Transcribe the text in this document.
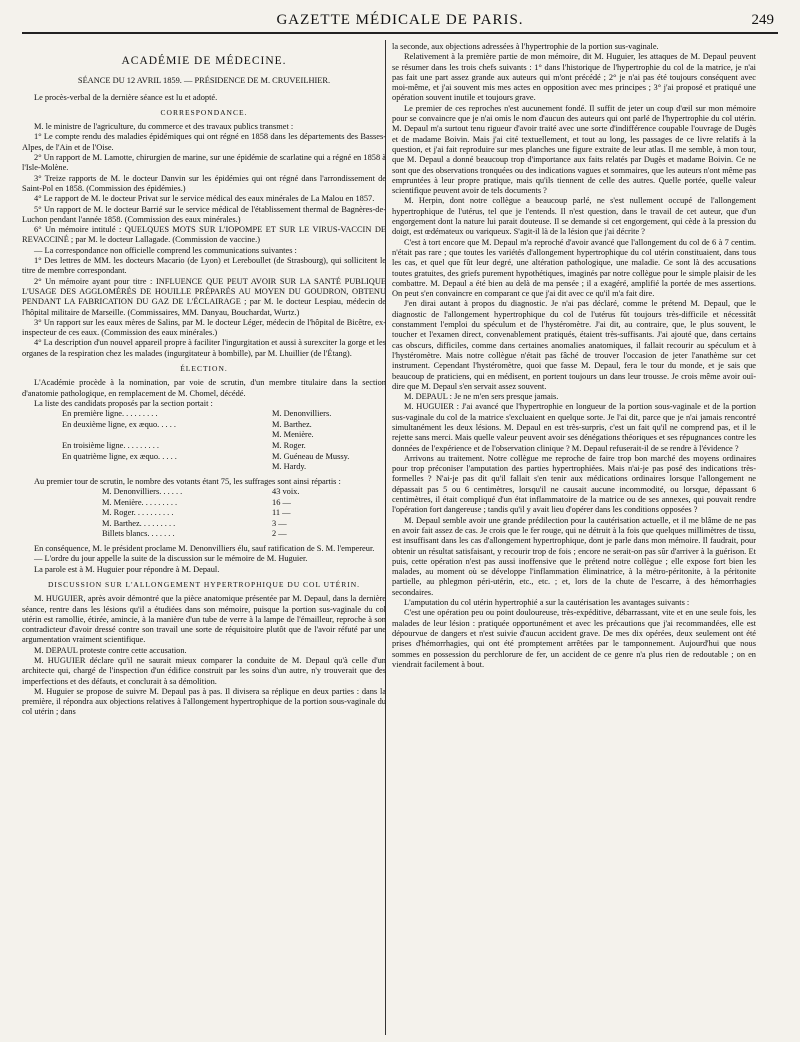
GAZETTE MÉDICALE DE PARIS.	249
ACADÉMIE DE MÉDECINE.
SÉANCE DU 12 AVRIL 1859. — PRÉSIDENCE DE M. CRUVEILHIER.

Le procès-verbal de la dernière séance est lu et adopté.

CORRESPONDANCE.

M. le ministre de l'agriculture, du commerce et des travaux publics transmet :

1° Le compte rendu des maladies épidémiques qui ont régné en 1858 dans les départements des Basses-Alpes, de l'Ain et de l'Oise.

2° Un rapport de M. Lamotte, chirurgien de marine, sur une épidémie de scarlatine qui a régné en 1858 à l'Isle-Molène.

3° Treize rapports de M. le docteur Danvin sur les épidémies qui ont régné dans l'arrondissement de Saint-Pol en 1858. (Commission des épidémies.)

4° Le rapport de M. le docteur Privat sur le service médical des eaux minérales de La Malou en 1857.

5° Un rapport de M. le docteur Barrié sur le service médical de l'établissement thermal de Bagnères-de-Luchon pendant l'année 1858. (Commission des eaux minérales.)

6° Un mémoire intitulé : QUELQUES MOTS SUR L'IOPOMPE ET SUR LE VIRUS-VACCIN DE REVACCINÉ ; par M. le docteur Lallagade. (Commission de vaccine.)

— La correspondance non officielle comprend les communications suivantes :

1° Des lettres de MM. les docteurs Macario (de Lyon) et Lereboullet (de Strasbourg), qui sollicitent le titre de membre correspondant.

2° Un mémoire ayant pour titre : INFLUENCE QUE PEUT AVOIR SUR LA SANTÉ PUBLIQUE L'USAGE DES AGGLOMÉRÉS DE HOUILLE PRÉPARÉS AU MOYEN DU GOUDRON, OBTENU PENDANT LA FABRICATION DU GAZ DE L'ÉCLAIRAGE ; par M. le docteur Lespiau, médecin de l'hôpital militaire de Marseille. (Commissaires, MM. Danyau, Bouchardat, Wurtz.)

3° Un rapport sur les eaux mères de Salins, par M. le docteur Léger, médecin de l'hôpital de Bicêtre, ex-inspecteur de ces eaux. (Commission des eaux minérales.)

4° La description d'un nouvel appareil propre à faciliter l'ingurgitation et aussi à surexciter la gorge et les organes de la respiration chez les malades (ingurgitateur à bombille), par M. Lhuillier (de l'Étang).

ÉLECTION.

L'Académie procède à la nomination, par voie de scrutin, d'un membre titulaire dans la section d'anatomie pathologique, en remplacement de M. Chomel, décédé.

La liste des candidats proposés par la section portait :

En première ligne. . . . . . . . .	M. Denonvilliers.
En deuxième ligne, ex æquo. . . . .	M. Barthez.
M. Menière.
En troisième ligne. . . . . . . . .	M. Roger.
En quatrième ligne, ex æquo. . . . .	M. Guéneau de Mussy.
M. Hardy.

Au premier tour de scrutin, le nombre des votants étant 75, les suffrages sont ainsi répartis :

M. Denonvilliers. . . . . .	43 voix.
M. Menière. . . . . . . . .	16 —
M. Roger. . . . . . . . . .	11 —
M. Barthez. . . . . . . . .	3 —
Billets blancs. . . . . . .	2 —

En conséquence, M. le président proclame M. Denonvilliers élu, sauf ratification de S. M. l'empereur.

— L'ordre du jour appelle la suite de la discussion sur le mémoire de M. Huguier.

La parole est à M. Huguier pour répondre à M. Depaul.

DISCUSSION SUR L'ALLONGEMENT HYPERTROPHIQUE DU COL UTÉRIN.

M. HUGUIER, après avoir démontré que la pièce anatomique présentée par M. Depaul, dans la dernière séance, rentre dans les lésions qu'il a étudiées dans son mémoire, puisque la portion sus-vaginale du col utérin est ramollie, étirée, amincie, à la manière d'un tube de verre à la lampe de l'émailleur, reproche à son contradicteur d'avoir dressé contre son travail une sorte de réquisitoire plutôt que de l'avoir réfuté par une argumentation vraiment scientifique.

M. DEPAUL proteste contre cette accusation.

M. HUGUIER déclare qu'il ne saurait mieux comparer la conduite de M. Depaul qu'à celle d'un architecte qui, chargé de l'inspection d'un édifice construit par les soins d'un autre, n'y trouverait que des imperfections et des défauts, et conclurait à sa démolition.

M. Huguier se propose de suivre M. Depaul pas à pas. Il divisera sa réplique en deux parties : dans la première, il répondra aux objections relatives à l'allongement hypertrophique de la portion sous-vaginale du col utérin ; dans

la seconde, aux objections adressées à l'hypertrophie de la portion sus-vaginale.

Relativement à la première partie de mon mémoire, dit M. Huguier, les attaques de M. Depaul peuvent se résumer dans les trois chefs suivants : 1° dans l'historique de l'hypertrophie du col de la matrice, je n'ai pas fait une part assez grande aux auteurs qui m'ont précédé ; 2° je n'ai pas été toujours conséquent avec moi-même, et j'ai souvent mis mes actes en opposition avec mes principes ; 3° j'ai proposé et pratiqué une opération souvent inutile et toujours grave.

Le premier de ces reproches n'est aucunement fondé. Il suffit de jeter un coup d'œil sur mon mémoire pour se convaincre que je n'ai omis le nom d'aucun des auteurs qui ont parlé de l'hypertrophie du col utérin. M. Depaul m'a surtout tenu rigueur d'avoir traité avec une sorte d'indifférence coupable l'ouvrage de Dugès et de madame Boivin. Mais j'ai cité textuellement, et tout au long, les passages de ce livre relatifs à la question, et j'ai fait reproduire sur mes planches une figure extraite de leur atlas. Il me semble, à mon tour, que M. Depaul a donné beaucoup trop d'importance aux faits relatés par Dugès et madame Boivin. Ce ne sont que des observations tronquées ou des indications vagues et sommaires, que les auteurs n'ont même pas empruntées à leur propre pratique, mais qu'ils tiennent de celle des autres. Quelle portée, quelle valeur scientifique peuvent avoir de tels documents ?

M. Herpin, dont notre collègue a beaucoup parlé, ne s'est nullement occupé de l'allongement hypertrophique de l'utérus, tel que je l'entends. Il n'est question, dans le travail de cet auteur, que d'un engorgement dont la nature lui parait douteuse. Il se demande si cet engorgement, qui cède à la pression du doigt, est œdémateux ou variqueux. S'agit-il là de la lésion que j'ai décrite ?

C'est à tort encore que M. Depaul m'a reproché d'avoir avancé que l'allongement du col de 6 à 7 centim. n'était pas rare ; que toutes les variétés d'allongement hypertrophique du col utérin constituaient, dans tous les cas, et quel que fût leur degré, une altération pathologique, une maladie. Ce sont là des accusations toutes gratuites, des griefs purement hypothétiques, imaginés par notre collègue pour le simple plaisir de les combattre. M. Depaul a été bien au delà de ma pensée ; il a exagéré, amplifié la portée de mes assertions. On peut s'en convaincre en comparant ce que j'ai dit avec ce qu'il m'a fait dire.

J'en dirai autant à propos du diagnostic. Je n'ai pas déclaré, comme le prétend M. Depaul, que le diagnostic de l'allongement hypertrophique du col de l'utérus fût toujours très-difficile et nécessitât constamment l'emploi du spéculum et de l'hystéromètre. J'ai dit, au contraire, que, le plus souvent, le toucher et l'examen direct, convenablement pratiqués, étaient très-suffisants. J'ai ajouté que, dans certains cas obscurs, difficiles, comme dans certaines anomalies anatomiques, il fallait recourir au spéculum et à l'hystéromètre. Mais notre collègue n'était pas fâché de trouver l'occasion de jeter l'anathème sur cet instrument. Cependant l'hystéromètre, quoi que fasse M. Depaul, fera le tour du monde, et je sais que beaucoup de praticiens, qui en médisent, en portent toujours un dans leur trousse. Je crois même avoir ouï-dire que M. Depaul s'en servait assez souvent.

M. DEPAUL : Je ne m'en sers presque jamais.

M. HUGUIER : J'ai avancé que l'hypertrophie en longueur de la portion sous-vaginale et de la portion sus-vaginale du col de la matrice s'excluaient en quelque sorte. Je l'ai dit, parce que je n'ai jamais rencontré simultanément les deux lésions. M. Depaul en est très-surpris, c'est un fait qu'il ne comprend pas, et il le rejette sans merci. Mais quelle valeur peuvent avoir ses dénégations théoriques et ses répugnances contre les données de l'expérience et de l'observation clinique ? M. Depaul refuserait-il de se rendre à l'évidence ?

Arrivons au traitement. Notre collègue me reproche de faire trop bon marché des moyens ordinaires pour trop préconiser l'amputation des parties hypertrophiées. Mais n'ai-je pas posé des indications très-formelles ? N'ai-je pas dit qu'il fallait s'en tenir aux médications ordinaires lorsque l'allongement ne dépassait pas 5 ou 6 centimètres, lorsqu'il ne causait aucune incommodité, ou lorsque, dépassant 6 centimètres, il était compliqué d'un état inflammatoire de la matrice ou de ses annexes, qui pouvait rendre l'opération fort dangereuse ; tandis qu'il y avait lieu d'opérer dans les conditions opposées ?

M. Depaul semble avoir une grande prédilection pour la cautérisation actuelle, et il me blâme de ne pas en avoir fait assez de cas. Je crois que le fer rouge, qui ne détruit à la fois que quelques millimètres de tissu, est insuffisant dans les cas d'allongement hypertrophique, dont je parle dans mon mémoire. Il faudrait, pour obtenir un résultat satisfaisant, y recourir trop de fois ; encore ne serait-on pas sûr d'arriver à la guérison. Et puis, cette opération n'est pas aussi inoffensive que le prétend notre collègue ; elle expose fort bien les malades, au moment où se développe l'inflammation éliminatrice, à la métro-péritonite, à la péritonite partielle, au phlegmon péri-utérin, etc., etc. ; et, lors de la chute de l'escarre, à des hémorrhagies secondaires.

L'amputation du col utérin hypertrophié a sur la cautérisation les avantages suivants :

C'est une opération peu ou point douloureuse, très-expéditive, débarrassant, vite et en une seule fois, les malades de leur lésion : pratiquée opportunément et avec les précautions que j'ai recommandées, elle est dépourvue de dangers et n'est suivie d'aucun accident grave. De mes dix opérées, deux seulement ont été prises d'hémorrhagies, qui ont été promptement arrêtées par le tamponnement. Aujourd'hui que nous sommes en possession du perchlorure de fer, un accident de ce genre n'a plus rien de redoutable ; on en viendrait facilement à bout.
